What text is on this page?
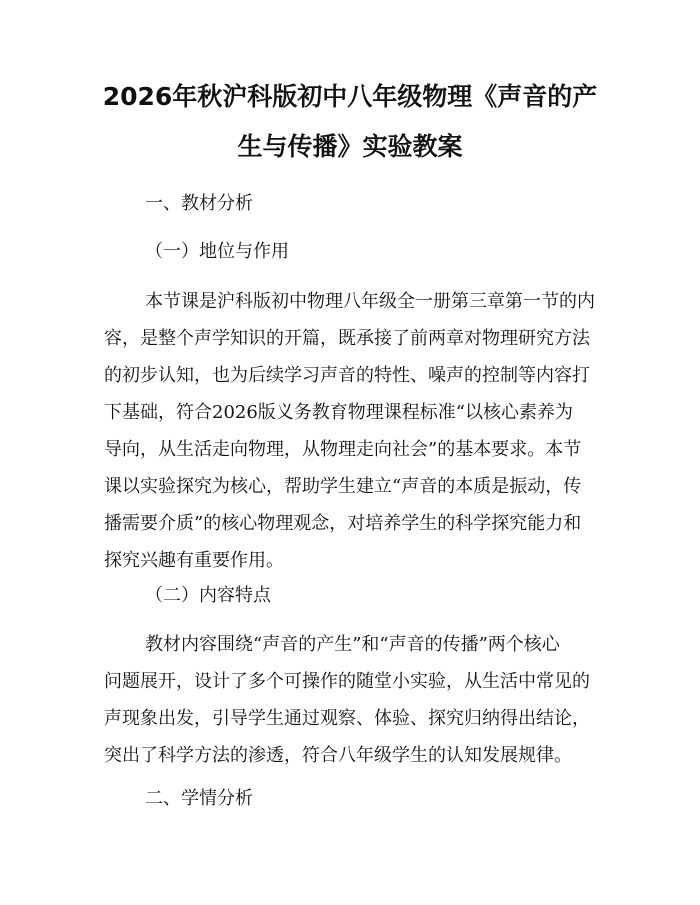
2026年秋沪科版初中八年级物理《声音的产
生与传播》实验教案

一、教材分析

（一）地位与作用

本节课是沪科版初中物理八年级全一册第三章第一节的内

容，是整个声学知识的开篇，既承接了前两章对物理研究方法

的初步认知，也为后续学习声音的特性、噪声的控制等内容打

下基础，符合2026版义务教育物理课程标准“以核心素养为

导向，从生活走向物理，从物理走向社会”的基本要求。本节

课以实验探究为核心，帮助学生建立“声音的本质是振动，传

播需要介质”的核心物理观念，对培养学生的科学探究能力和

探究兴趣有重要作用。

（二）内容特点

教材内容围绕“声音的产生”和“声音的传播”两个核心

问题展开，设计了多个可操作的随堂小实验，从生活中常见的

声现象出发，引导学生通过观察、体验、探究归纳得出结论，

突出了科学方法的渗透，符合八年级学生的认知发展规律。

二、学情分析
